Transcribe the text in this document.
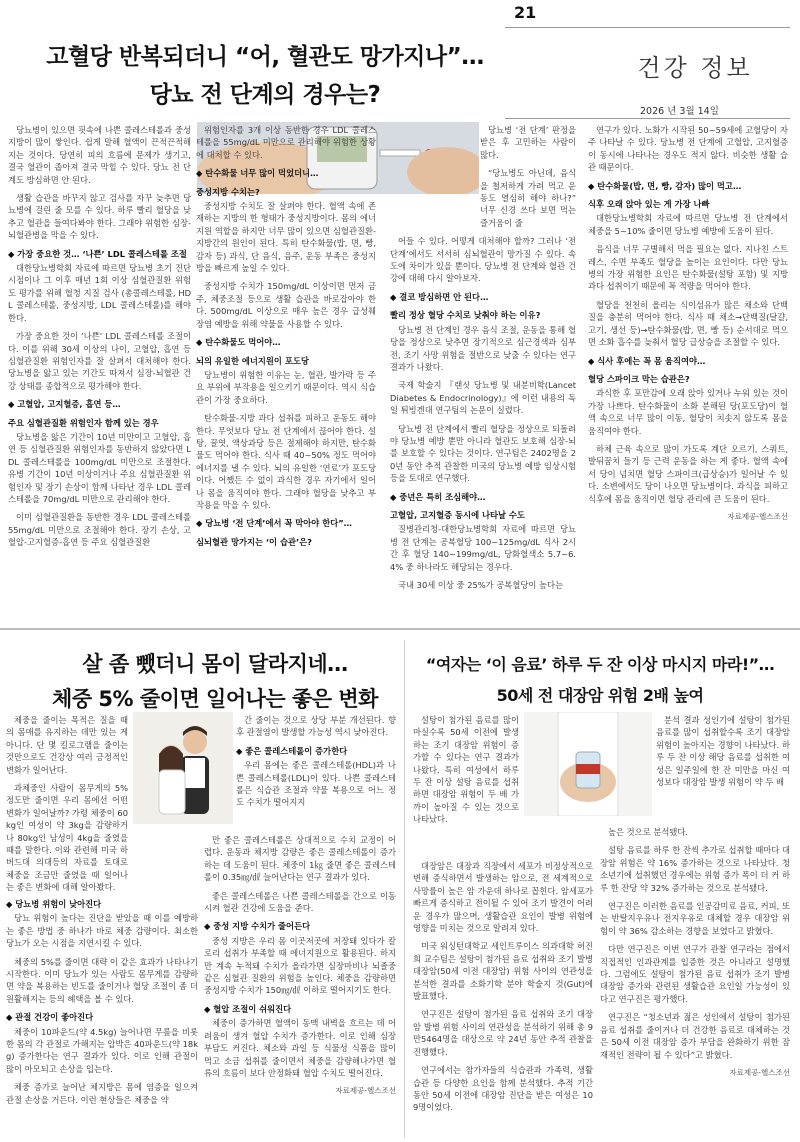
21
건강 정보
2026 년 3월 14일
고혈당 반복되더니 “어, 혈관도 망가지나”…
당뇨 전 단계의 경우는?

당뇨병이 있으면 핏속에 나쁜 콜레스테롤과 중성지방이 많이 쌓인다. 쉽게 말해 혈액이 끈적끈적해지는 것이다. 당연히 피의 흐름에 문제가 생기고, 결국 혈관이 좁아져 결국 막힐 수 있다. 당뇨 전 단계도 방심하면 안 된다.

생활 습관을 바꾸지 않고 검사를 자꾸 늦추면 당뇨병에 걸린 줄 모를 수 있다. 하루 빨리 혈당을 낮추고 혈관을 들여다봐야 한다. 그래야 위험한 심장-뇌혈관병을 막을 수 있다.

◆ 가장 중요한 것… ‘나쁜’ LDL 콜레스테롤 조절

대한당뇨병학회 자료에 따르면 당뇨병 초기 진단 시점이나 그 이후 매년 1회 이상 심혈관질환 위험도 평가를 위해 혈청 지질 검사 (총콜레스테롤, HDL 콜레스테롤, 중성지방, LDL 콜레스테롤)를 해야 한다.

가장 중요한 것이 ‘나쁜’ LDL 콜레스테롤 조절이다. 이를 위해 30세 이상의 나이, 고혈압, 흡연 등 심혈관질환 위험인자를 잘 살펴서 대처해야 한다. 당뇨병을 앓고 있는 기간도 따져서 심장-뇌혈관 건강 상태를 종합적으로 평가해야 한다.

◆ 고혈압, 고지혈증, 흡연 등…

주요 심혈관질환 위험인자 함께 있는 경우

당뇨병을 앓은 기간이 10년 미만이고 고혈압, 흡연 등 심혈관질환 위험인자를 동반하지 않았다면 LDL 콜레스테롤을 100mg/dL 미만으로 조절한다. 유병 기간이 10년 이상이거나 주요 심혈관질환 위험인자 및 장기 손상이 함께 나타난 경우 LDL 콜레스테롤을 70mg/dL 미만으로 관리해야 한다.

이미 심혈관질환을 동반한 경우 LDL 콜레스테롤 55mg/dL 미만으로 조절해야 한다. 장기 손상, 고혈압-고지혈증-흡연 등 주요 심혈관질환

위험인자를 3개 이상 동반한 경우 LDL 콜레스테롤을 55mg/dL 미만으로 관리해야 위험한 상황에 대처할 수 있다.

◆ 탄수화물 너무 많이 먹었더니…

중성지방 수치는?

중성지방 수치도 잘 살펴야 한다. 혈액 속에 존재하는 지방의 한 형태가 중성지방이다. 몸의 에너지원 역할을 하지만 너무 많이 있으면 심혈관질환-지방간의 원인이 된다. 특히 탄수화물(밥, 면, 빵, 감자 등) 과식, 단 음식, 음주, 운동 부족은 중성지방을 빠르게 높일 수 있다.

중성지방 수치가 150mg/dL 이상이면 먼저 금주, 체중조절 등으로 생활 습관을 바로잡아야 한다. 500mg/dL 이상으로 매우 높은 경우 급성췌장염 예방을 위해 약물을 사용할 수 있다.

◆ 탄수화물도 먹어야…

뇌의 유일한 에너지원이 포도당

당뇨병이 위험한 이유는 눈, 혈관, 발가락 등 주요 부위에 부작용을 일으키기 때문이다. 역시 식습관이 가장 중요하다.

탄수화물-지방 과다 섭취를 피하고 운동도 해야 한다. 무엇보다 당뇨 전 단계에서 끊어야 한다. 설탕, 꿀엿, 액상과당 등은 절제해야 하지만, 탄수화물도 먹어야 한다. 식사 때 40~50% 정도 먹어야 에너지를 낼 수 있다. 뇌의 유일한 ‘연료’가 포도당이다. 어쨌든 수 없이 과식한 경우 자기에서 일어나 몸을 움직여야 한다. 그래야 혈당을 낮추고 부작용을 막을 수 있다.

◆ 당뇨병 ‘전 단계’에서 꼭 막아야 한다”…

심뇌혈관 망가지는 ‘이 습관’은?

당뇨병 ‘전 단계’ 판정을 받은 후 고민하는 사람이 많다.

“당뇨병도 아닌데, 음식을 철저하게 가려 먹고 운동도 열심히 해야 하나?” 너무 신경 쓰다 보면 먹는 즐거움이 줄

어들 수 있다. 어떻게 대처해야 할까? 그러나 ‘전 단계’에서도 서서히 심뇌혈관이 망가질 수 있다. 속도에 차이가 있을 뿐이다. 당뇨병 전 단계와 혈관 건강에 대해 다시 알아보자.

◆ 결코 방심하면 안 된다…

빨리 정상 혈당 수치로 낮춰야 하는 이유?

당뇨병 전 단계인 경우 음식 조절, 운동을 통해 혈당을 정상으로 낮추면 장기적으로 심근경색과 심부전, 조기 사망 위험을 절반으로 낮출 수 있다는 연구 결과가 나왔다.

국제 학술지 『랜싯 당뇨병 및 내분비학(Lancet Diabetes & Endocrinology)』에 이런 내용의 독일 튀빙겐대 연구팀의 논문이 실렸다.

당뇨병 전 단계에서 빨리 혈당을 정상으로 되돌려야 당뇨병 예방 뿐만 아니라 혈관도 보호해 심장-뇌를 보호할 수 있다는 것이다. 연구팀은 2402명을 20년 동안 추적 관찰한 미국의 당뇨병 예방 임상시험 등을 토대로 연구했다.

◆ 중년은 특히 조심해야…

고혈압, 고지혈증 동시에 나타날 수도

질병관리청-대한당뇨병학회 자료에 따르면 당뇨병 전 단계는 공복혈당 100~125mg/dL 식사 2시간 후 혈당 140~199mg/dL, 당화혈색소 5.7~6.4% 중 하나라도 해당되는 경우다.

국내 30세 이상 중 25%가 공복혈당이 높다는

연구가 있다. 노화가 시작된 50~59세에 고혈당이 자주 나타날 수 있다. 당뇨병 전 단계에 고혈압, 고지혈증이 동시에 나타나는 경우도 적지 않다. 비슷한 생활 습관 때문이다.

◆ 탄수화물(밥, 면, 빵, 감자) 많이 먹고…

식후 오래 앉아 있는 게 가장 나빠

대한당뇨병학회 자료에 따르면 당뇨병 전 단계에서 체중을 5~10% 줄이면 당뇨병 예방에 도움이 된다.

음식을 너무 구별해서 먹을 필요는 없다. 지나친 스트레스, 수면 부족도 혈당을 높이는 요인이다. 다만 당뇨병의 가장 위험한 요인은 탄수화물(설탕 포함) 및 지방 과다 섭취이기 때문에 꼭 적량을 먹어야 한다.

혈당을 천천히 올리는 식이섬유가 많은 채소와 단백질을 충분히 먹어야 한다. 식사 때 채소→단백질(달걀, 고기, 생선 등)→탄수화물(밥, 면, 빵 등) 순서대로 먹으면 소화 흡수를 늦춰서 혈당 급상승을 조절할 수 있다.

◆ 식사 후에는 꼭 몸 움직여야…

혈당 스파이크 막는 습관은?

과식한 후 포만감에 오래 앉아 있거나 누워 있는 것이 가장 나쁘다. 탄수화물이 소화 분해된 당(포도당)이 혈액 속으로 너무 많이 이동, 혈당이 치솟지 않도록 몸을 움직여야 한다.

하체 근육 속으로 많이 가도록 계단 오르기, 스쿼트, 발뒤꿈치 들기 등 근력 운동을 하는 게 좋다. 혈액 속에서 당이 넘치면 혈당 스파이크(급상승)가 일어날 수 있다. 소변에서도 당이 나오면 당뇨병이다. 과식을 피하고 식후에 몸을 움직이면 혈당 관리에 큰 도움이 된다.

자료제공-헬스조선

살 좀 뺐더니 몸이 달라지네…
체중 5% 줄이면 일어나는 좋은 변화

체중을 줄이는 목적은 질을 때의 몸매를 유지하는 데만 있는 게 아니다. 단 몇 킬로그램을 줄이는 것만으로도 건강상 여러 긍정적인 변화가 일어난다.

과체중인 사람이 몸무게의 5% 정도만 줄이면 우리 몸에선 어떤 변화가 일어날까? 가령 체중이 60kg인 여성이 약 3kg을 감량하거나 80kg인 남성이 4kg을 줄였을 때를 말한다. 이와 관련해 미국 하버드대 의대등의 자료를 토대로 체중을 조금만 줄였을 때 일어나는 좋은 변화에 대해 알아봤다.

◆ 당뇨병 위험이 낮아진다

당뇨 위험이 높다는 진단을 받았을 때 이를 예방하는 좋은 방법 중 하나가 바로 체중 감량이다. 최소한 당뇨가 오는 시점을 지연시킬 수 있다.

체중의 5%를 줄이면 대략 이 같은 효과가 나타나기 시작한다. 이미 당뇨가 있는 사람도 몸무게를 감량하면 약을 복용하는 빈도를 줄이거나 혈당 조절이 좀 더 원활해지는 등의 혜택을 볼 수 있다.

◆ 관절 건강이 좋아진다

체중이 10파운드(약 4.5kg) 늘어나면 무릎을 비롯한 몸의 각 관절로 가해지는 압박은 40파운드(약 18kg) 증가한다는 연구 결과가 있다. 이로 인해 관절이 많이 마모되고 손상을 입는다.

체중 증가로 늘어난 체지방은 몸에 염증을 일으켜 관절 손상을 거든다. 이런 현상들은 체중을 약

간 줄이는 것으로 상당 부분 개선된다. 향후 관절염이 발생할 가능성 역시 낮아진다.

◆ 좋은 콜레스테롤이 증가한다

우리 몸에는 좋은 콜레스테롤(HDL)과 나쁜 콜레스테롤(LDL)이 있다. 나쁜 콜레스테롤은 식습관 조절과 약물 복용으로 어느 정도 수치가 떨어지지

만 좋은 콜레스테롤은 상대적으로 수치 교정이 어렵다. 운동과 체지방 감량은 좋은 콜레스테롤이 증가하는 데 도움이 된다. 체중이 1㎏ 줄면 좋은 콜레스테롤이 0.35㎎/㎗ 늘어난다는 연구 결과가 있다.

좋은 콜레스테롤은 나쁜 콜레스테롤을 간으로 이동시켜 혈관 건강에 도움을 준다.

◆ 중성 지방 수치가 줄어든다

중성 지방은 우리 몸 이곳저곳에 저장돼 있다가 칼로리 섭취가 부족할 때 에너지원으로 활용된다. 하지만 계속 누적돼 수치가 올라가면 심장마비나 뇌졸중 같은 심혈관 질환의 위험을 높인다. 체중을 감량하면 중성지방 수치가 150㎎/㎗ 이하로 떨어지기도 한다.

◆ 혈압 조절이 쉬워진다

체중이 증가하면 혈액이 동맥 내벽을 흐르는 데 어려움이 생겨 혈압 수치가 증가한다. 이로 인해 심장 부담도 커진다. 체소와 과일 등 식물성 식품을 많이 먹고 소금 섭취를 줄이면서 체중을 감량해나가면 혈류의 흐름이 보다 안정화돼 혈압 수치도 떨어진다.

자료제공-헬스조선

“여자는 ‘이 음료’ 하루 두 잔 이상 마시지 마라!”…
50세 전 대장암 위험 2배 높여

설탕이 첨가된 음료를 많이 마실수록 50세 이전에 발생하는 조기 대장암 위험이 증가할 수 있다는 연구 결과가 나왔다. 특히 여성에서 하루 두 잔 이상 설탕 음료를 섭취하면 대장암 위험이 두 배 가까이 높아질 수 있는 것으로 나타났다.

대장암은 대장과 직장에서 세포가 비정상적으로 변해 증식하면서 발생하는 암으로, 전 세계적으로 사망률이 높은 암 가운데 하나로 꼽힌다. 암세포가 빠르게 증식하고 전이될 수 있어 조기 발견이 어려운 경우가 많으며, 생활습관 요인이 발병 위험에 영향을 미치는 것으로 알려져 있다.

미국 워싱턴대학교 세인트루이스 의과대학 허진희 교수팀은 설탕이 첨가된 음료 섭취와 조기 발병 대장암(50세 이전 대장암) 위험 사이의 연관성을 분석한 결과를 소화기학 분야 학술지 것(Gut)에 발표했다.

연구진은 설탕이 첨가된 음료 섭취와 조기 대장암 발병 위험 사이의 연관성을 분석하기 위해 총 9만5464명을 대상으로 약 24년 동안 추적 관찰을 진행했다.

연구에서는 참가자들의 식습관과 가족력, 생활습관 등 다양한 요인을 함께 분석했다. 추적 기간 동안 50세 이전에 대장암 진단을 받은 여성은 109명이었다.

분석 결과 성인기에 설탕이 첨가된 음료를 많이 섭취할수록 조기 대장암 위험이 높아지는 경향이 나타났다. 하루 두 잔 이상 해당 음료를 섭취한 여성은 일주일에 한 잔 미만을 마신 여성보다 대장암 발생 위험이 약 두 배

높은 것으로 분석됐다.

설탕 음료를 하루 한 잔씩 추가로 섭취할 때마다 대장암 위험은 약 16% 증가하는 것으로 나타났다. 청소년기에 섭취했던 경우에는 위험 증가 폭이 더 커 하루 한 잔당 약 32% 증가하는 것으로 분석됐다.

연구진은 이러한 음료를 인공감미료 음료, 커피, 또는 반탈지우유나 전지우유로 대체할 경우 대장암 위험이 약 36% 감소하는 경향을 보였다고 밝혔다.

다만 연구진은 이번 연구가 관찰 연구라는 점에서 직접적인 인과관계를 입증한 것은 아니라고 설명했다. 그럼에도 설탕이 첨가된 음료 섭취가 조기 발병 대장암 증가와 관련된 생활습관 요인일 가능성이 있다고 연구진은 평가했다.

연구진은 “청소년과 젊은 성인에서 설탕이 첨가된 음료 섭취를 줄이거나 더 건강한 음료로 대체하는 것은 50세 이전 대장암 증가 부담을 완화하기 위한 잠재적인 전략이 될 수 있다”고 밝혔다.

자료제공-헬스조선
